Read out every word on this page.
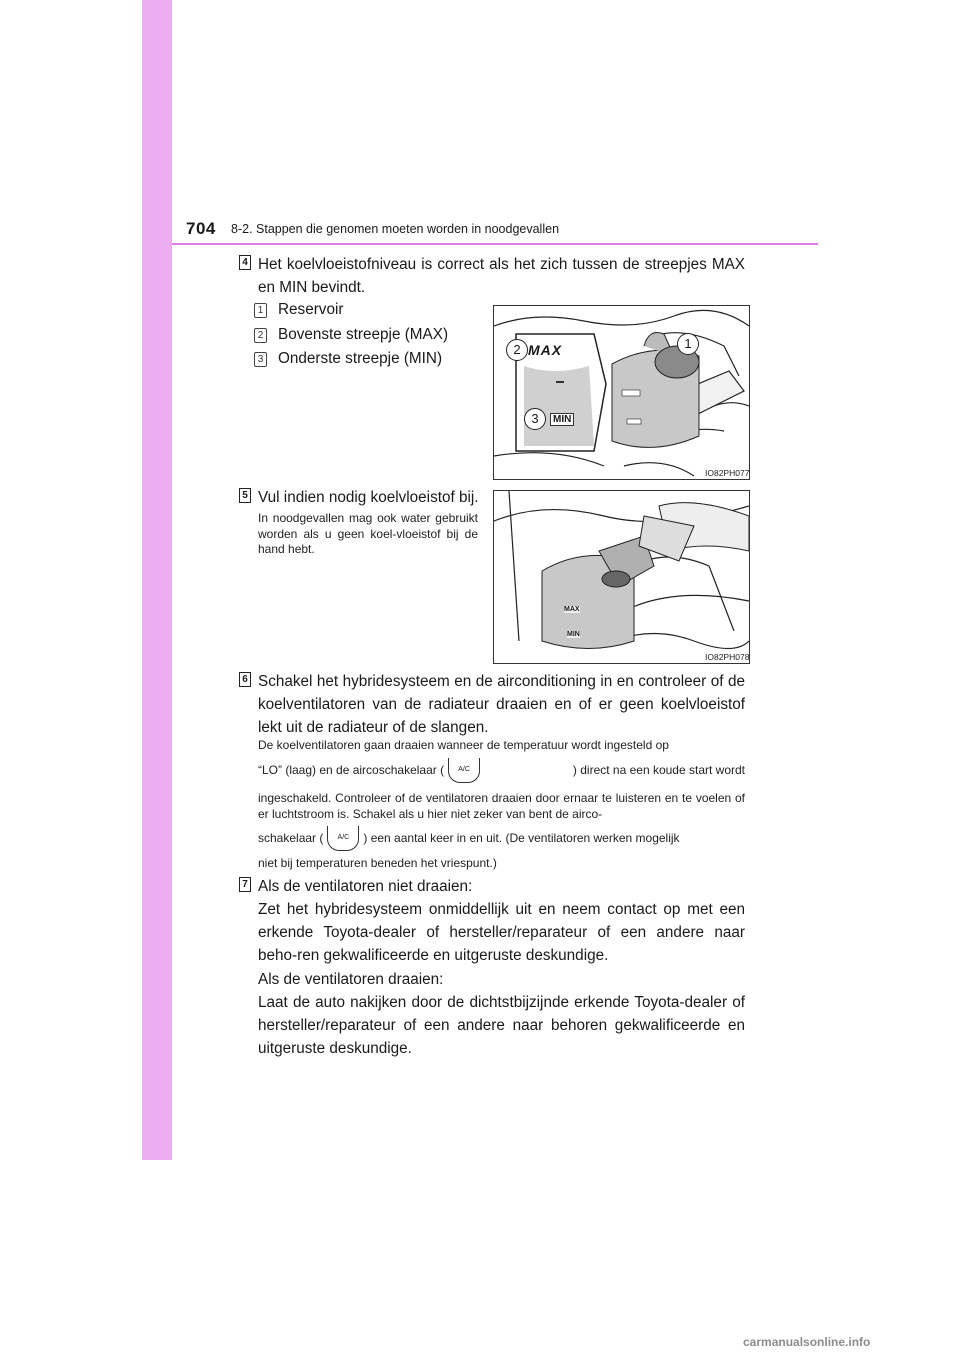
704 8-2. Stappen die genomen moeten worden in noodgevallen
4 Het koelvloeistofniveau is correct als het zich tussen de streepjes MAX en MIN bevindt.
1 Reservoir
2 Bovenste streepje (MAX)
3 Onderste streepje (MIN)	MAX
MIN
2
3
1
IO82PH077
5 Vul indien nodig koelvloeistof bij.
In noodgevallen mag ook water gebruikt worden als u geen koel-vloeistof bij de hand hebt.
MAX
MIN
IO82PH078
6 Schakel het hybridesysteem en de airconditioning in en controleer of de koelventilatoren van de radiateur draaien en of er geen koelvloeistof lekt uit de radiateur of de slangen.
De koelventilatoren gaan draaien wanneer de temperatuur wordt ingesteld op
“LO” (laag) en de aircoschakelaar (	A/C	) direct na een koude start wordt
ingeschakeld. Controleer of de ventilatoren draaien door ernaar te luisteren en te voelen of er luchtstroom is. Schakel als u hier niet zeker van bent de airco-
schakelaar (	A/C	) een aantal keer in en uit. (De ventilatoren werken mogelijk
niet bij temperaturen beneden het vriespunt.)
7 Als de ventilatoren niet draaien:
Zet het hybridesysteem onmiddellijk uit en neem contact op met een erkende Toyota-dealer of hersteller/reparateur of een andere naar beho-ren gekwalificeerde en uitgeruste deskundige.
Als de ventilatoren draaien:
Laat de auto nakijken door de dichtstbijzijnde erkende Toyota-dealer of hersteller/reparateur of een andere naar behoren gekwalificeerde en uitgeruste deskundige.
carmanualsonline.info
